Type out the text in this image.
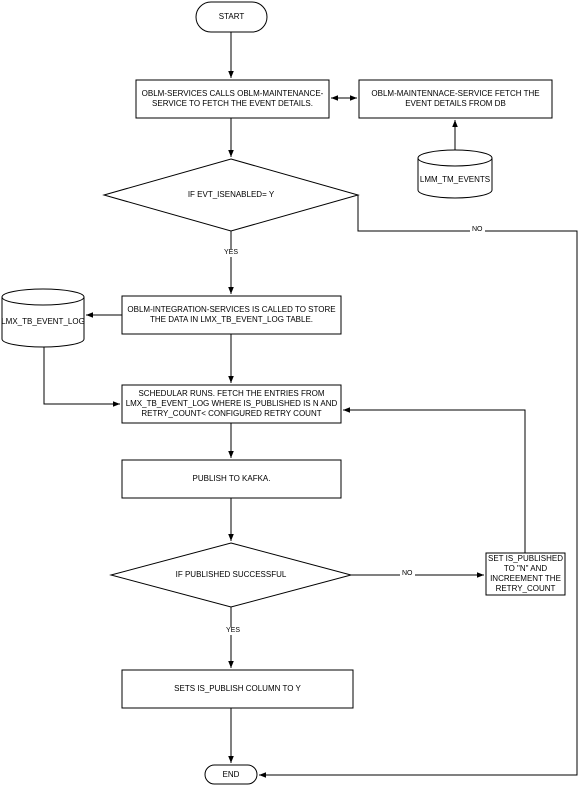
START
OBLM-SERVICES CALLS OBLM-MAINTENANCE-SERVICE TO FETCH THE EVENT DETAILS.
OBLM-MAINTENNACE-SERVICE FETCH THE EVENT DETAILS FROM DB
LMM_TM_EVENTS
IF EVT_ISENABLED= Y
OBLM-INTEGRATION-SERVICES IS CALLED TO STORE THE DATA IN LMX_TB_EVENT_LOG TABLE.
LMX_TB_EVENT_LOG
SCHEDULAR RUNS. FETCH THE ENTRIES FROM LMX_TB_EVENT_LOG WHERE IS_PUBLISHED IS N AND RETRY_COUNT< CONFIGURED RETRY COUNT
PUBLISH TO KAFKA.
IF PUBLISHED SUCCESSFUL
SET IS_PUBLISHED TO "N" AND INCREEMENT THE RETRY_COUNT
SETS IS_PUBLISH COLUMN TO Y
END
YES
NO
NO
YES
